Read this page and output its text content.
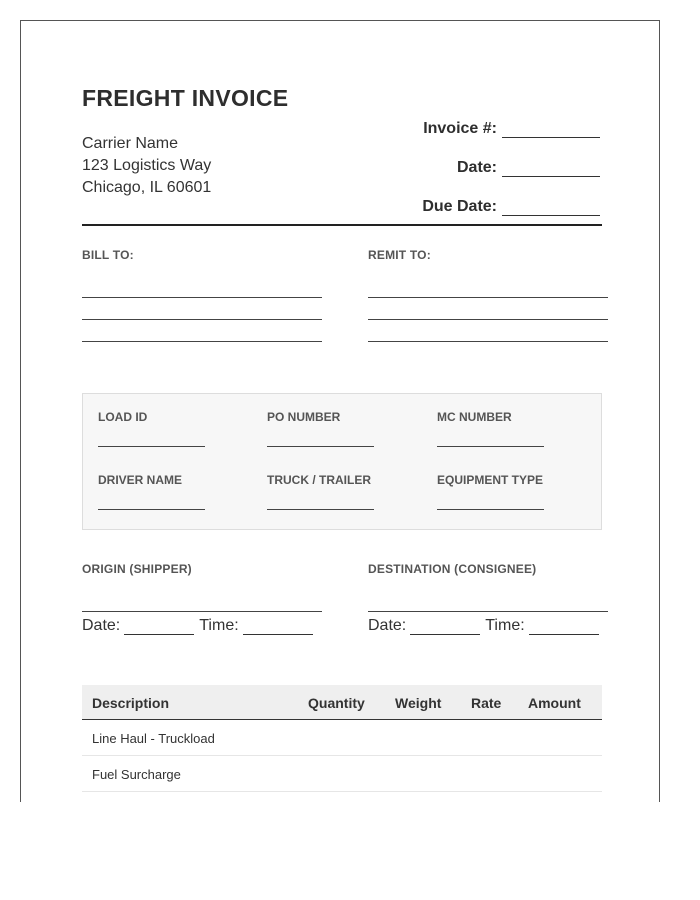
FREIGHT INVOICE
Carrier Name
123 Logistics Way
Chicago, IL 60601
Invoice #:
Date:
Due Date:
BILL TO:	REMIT TO:
LOAD ID	PO NUMBER	MC NUMBER
DRIVER NAME	TRUCK / TRAILER	EQUIPMENT TYPE
ORIGIN (SHIPPER)	DESTINATION (CONSIGNEE)
Date:	Time:	Date:	Time:
Description	Quantity Weight Rate Amount
Line Haul - Truckload
Fuel Surcharge
